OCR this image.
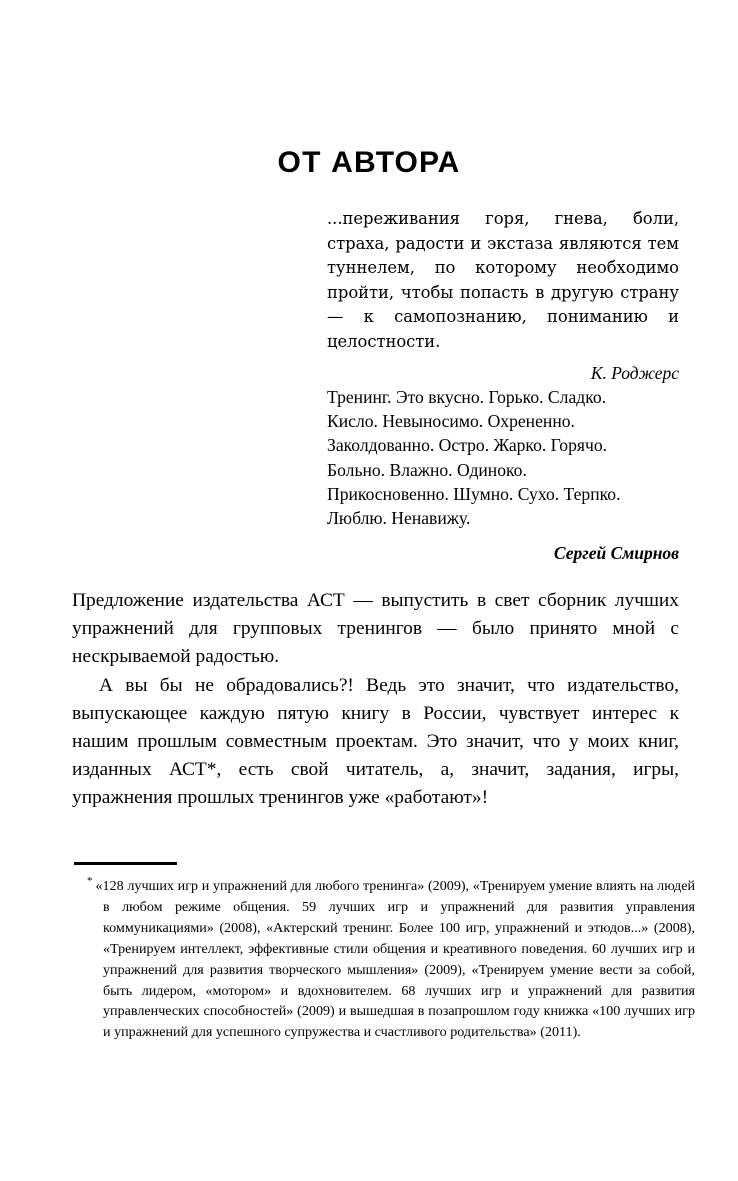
ОТ АВТОРА
...переживания горя, гнева, боли, страха, радости и экстаза являются тем туннелем, по которому необходимо пройти, чтобы попасть в другую страну — к самопознанию, пониманию и целостности.
К. Роджерс
Тренинг. Это вкусно. Горько. Сладко.
Кисло. Невыносимо. Охрененно.
Заколдованно. Остро. Жарко. Горячо.
Больно. Влажно. Одиноко.
Прикосновенно. Шумно. Сухо. Терпко.
Люблю. Ненавижу.
Сергей Смирнов

Предложение издательства АСТ — выпустить в свет сборник лучших упражнений для групповых тренингов — было принято мной с нескрываемой радостью.

А вы бы не обрадовались?! Ведь это значит, что издательство, выпускающее каждую пятую книгу в России, чувствует интерес к нашим прошлым совместным проектам. Это значит, что у моих книг, изданных АСТ*, есть свой читатель, а, значит, задания, игры, упражнения прошлых тренингов уже «работают»!

* «128 лучших игр и упражнений для любого тренинга» (2009), «Тренируем умение влиять на людей в любом режиме общения. 59 лучших игр и упражнений для развития управления коммуникациями» (2008), «Актерский тренинг. Более 100 игр, упражнений и этюдов...» (2008), «Тренируем интеллект, эффективные стили общения и креативного поведения. 60 лучших игр и упражнений для развития творческого мышления» (2009), «Тренируем умение вести за собой, быть лидером, «мотором» и вдохновителем. 68 лучших игр и упражнений для развития управленческих способностей» (2009) и вышедшая в позапрошлом году книжка «100 лучших игр и упражнений для успешного супружества и счастливого родительства» (2011).
